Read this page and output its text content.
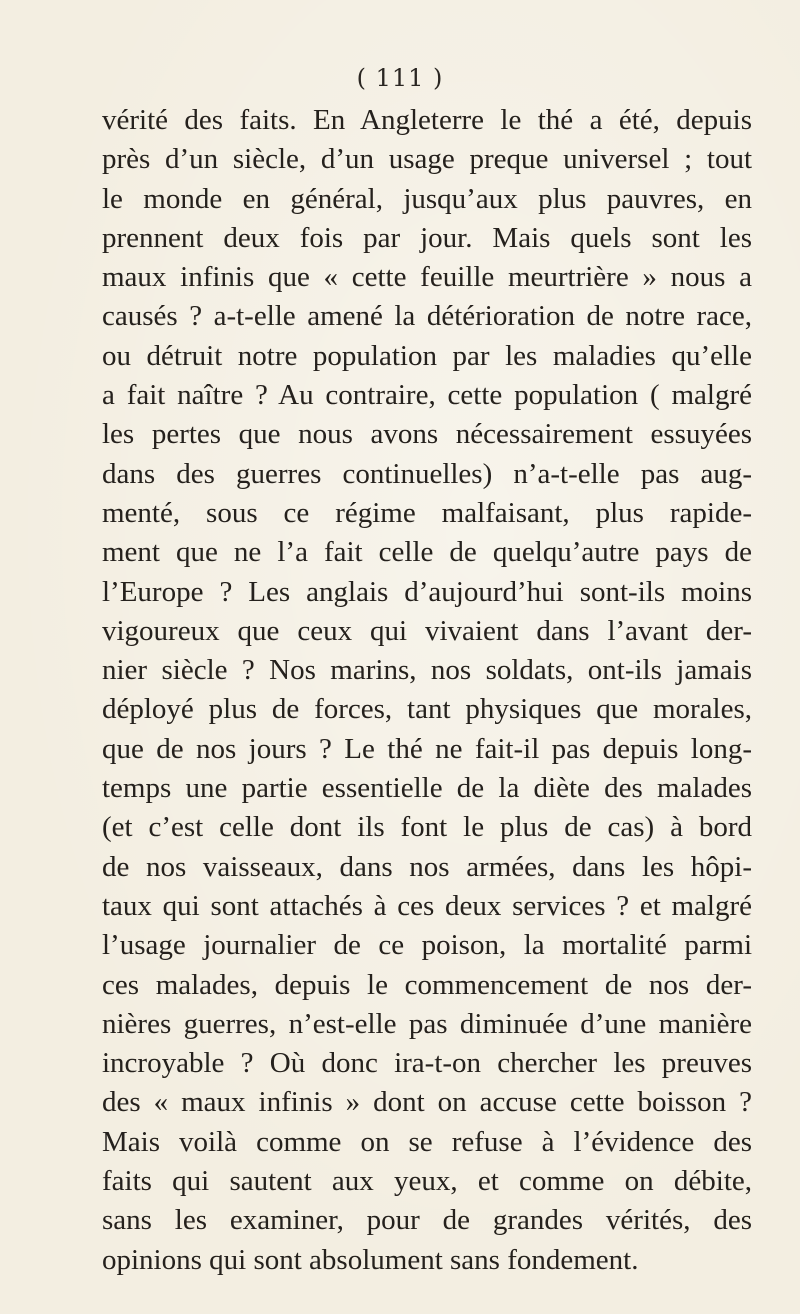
( 111 )
vérité des faits. En Angleterre le thé a été, depuis
près d’un siècle, d’un usage preque universel ; tout
le monde en général, jusqu’aux plus pauvres, en
prennent deux fois par jour. Mais quels sont les
maux infinis que « cette feuille meurtrière » nous a
causés ? a-t-elle amené la détérioration de notre race,
ou détruit notre population par les maladies qu’elle
a fait naître ? Au contraire, cette population ( malgré
les pertes que nous avons nécessairement essuyées
dans des guerres continuelles) n’a-t-elle pas aug-
menté, sous ce régime malfaisant, plus rapide-
ment que ne l’a fait celle de quelqu’autre pays de
l’Europe ? Les anglais d’aujourd’hui sont-ils moins
vigoureux que ceux qui vivaient dans l’avant der-
nier siècle ? Nos marins, nos soldats, ont-ils jamais
déployé plus de forces, tant physiques que morales,
que de nos jours ? Le thé ne fait-il pas depuis long-
temps une partie essentielle de la diète des malades
(et c’est celle dont ils font le plus de cas) à bord
de nos vaisseaux, dans nos armées, dans les hôpi-
taux qui sont attachés à ces deux services ? et malgré
l’usage journalier de ce poison, la mortalité parmi
ces malades, depuis le commencement de nos der-
nières guerres, n’est-elle pas diminuée d’une manière
incroyable ? Où donc ira-t-on chercher les preuves
des « maux infinis » dont on accuse cette boisson ?
Mais voilà comme on se refuse à l’évidence des
faits qui sautent aux yeux, et comme on débite,
sans les examiner, pour de grandes vérités, des
opinions qui sont absolument sans fondement.
